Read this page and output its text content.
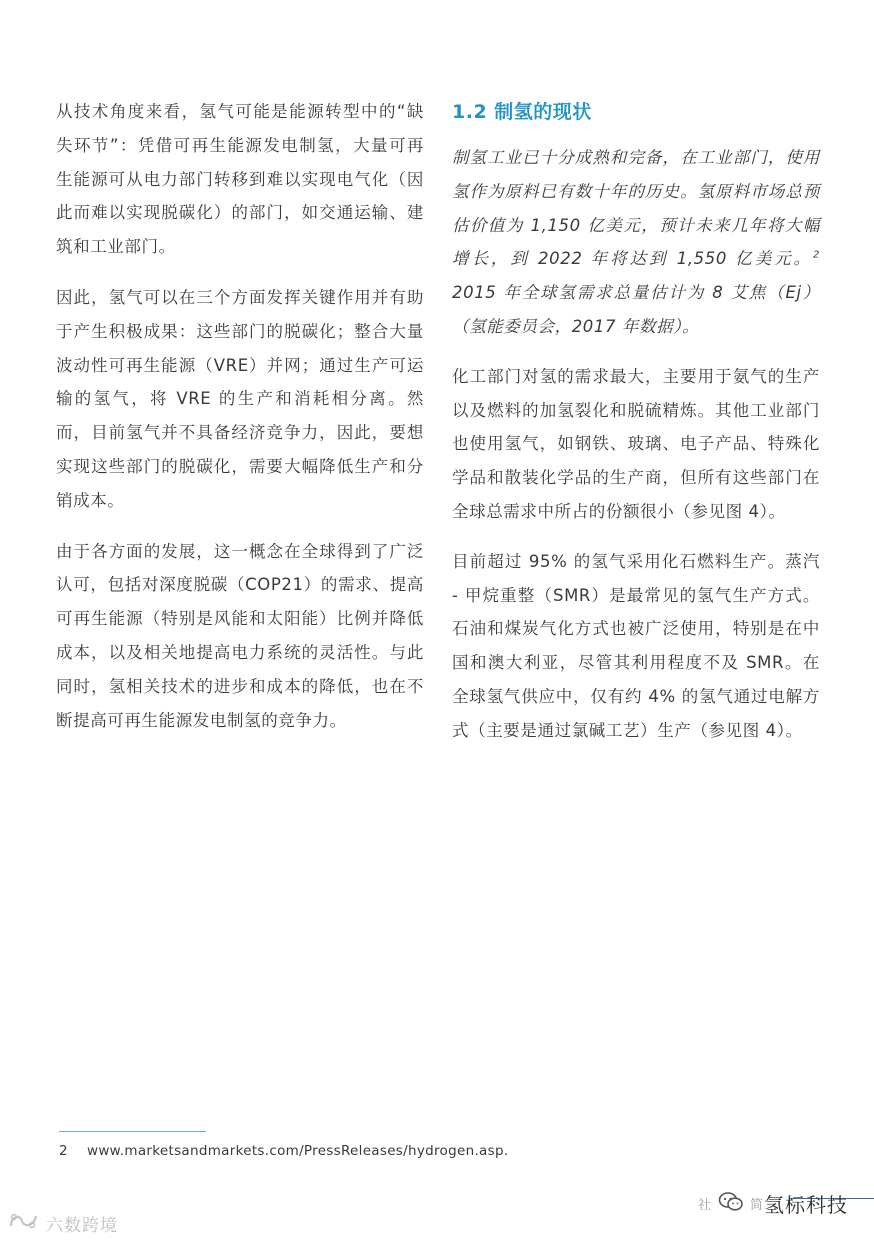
从技术角度来看，氢气可能是能源转型中的“缺失环节”：凭借可再生能源发电制氢，大量可再生能源可从电力部门转移到难以实现电气化（因此而难以实现脱碳化）的部门，如交通运输、建筑和工业部门。

因此，氢气可以在三个方面发挥关键作用并有助于产生积极成果：这些部门的脱碳化；整合大量波动性可再生能源（VRE）并网；通过生产可运输的氢气，将 VRE 的生产和消耗相分离。然而，目前氢气并不具备经济竞争力，因此，要想实现这些部门的脱碳化，需要大幅降低生产和分销成本。

由于各方面的发展，这一概念在全球得到了广泛认可，包括对深度脱碳（COP21）的需求、提高可再生能源（特别是风能和太阳能）比例并降低成本，以及相关地提高电力系统的灵活性。与此同时，氢相关技术的进步和成本的降低，也在不断提高可再生能源发电制氢的竞争力。

1.2 制氢的现状

制氢工业已十分成熟和完备，在工业部门，使用氢作为原料已有数十年的历史。氢原料市场总预估价值为 1,150 亿美元，预计未来几年将大幅增长，到 2022 年将达到 1,550 亿美元。$^2$ 2015 年全球氢需求总量估计为 8 艾焦（Ej）（氢能委员会，2017 年数据）。

化工部门对氢的需求最大，主要用于氨气的生产以及燃料的加氢裂化和脱硫精炼。其他工业部门也使用氢气，如钢铁、玻璃、电子产品、特殊化学品和散装化学品的生产商，但所有这些部门在全球总需求中所占的份额很小（参见图 4）。

目前超过 95% 的氢气采用化石燃料生产。蒸汽 - 甲烷重整（SMR）是最常见的氢气生产方式。石油和煤炭气化方式也被广泛使用，特别是在中国和澳大利亚，尽管其利用程度不及 SMR。在全球氢气供应中，仅有约 4% 的氢气通过电解方式（主要是通过氯碱工艺）生产（参见图 4）。

2 www.marketsandmarkets.com/PressReleases/hydrogen.asp.
社	简 氢标科技
六数跨境
